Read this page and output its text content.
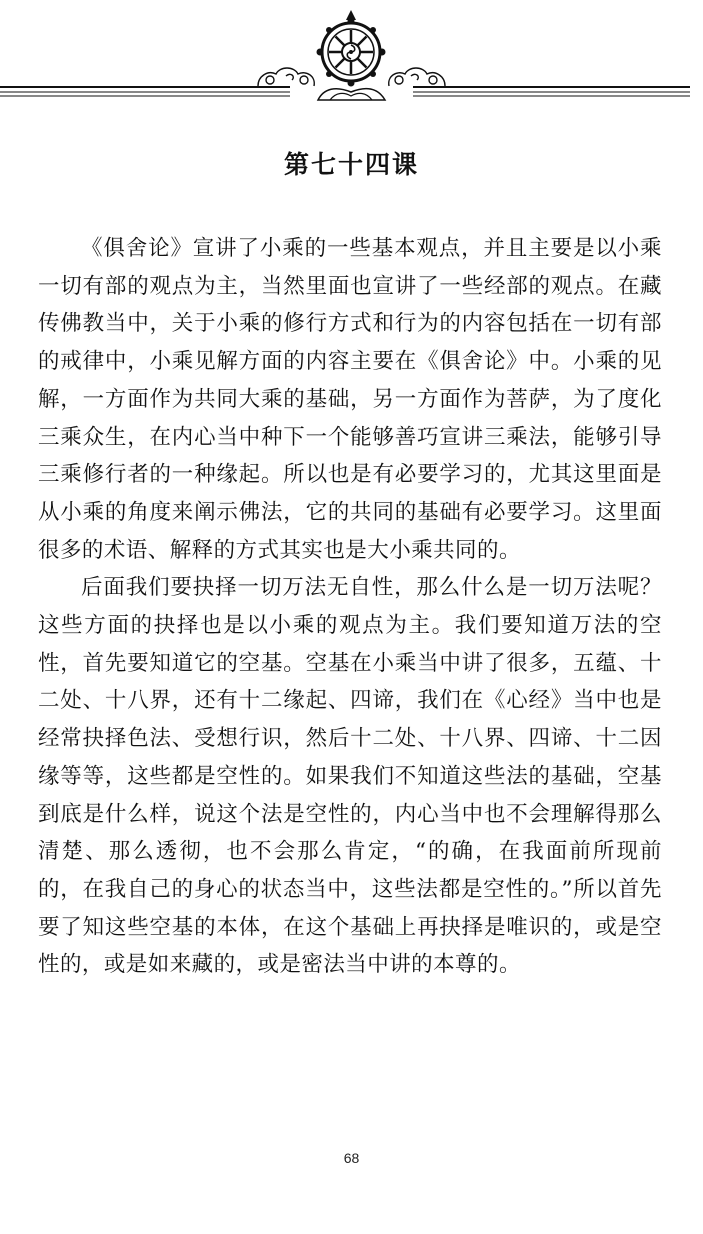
第七十四课

《俱舍论》宣讲了小乘的一些基本观点，并且主要是以小乘一切有部的观点为主，当然里面也宣讲了一些经部的观点。在藏传佛教当中，关于小乘的修行方式和行为的内容包括在一切有部的戒律中，小乘见解方面的内容主要在《俱舍论》中。小乘的见解，一方面作为共同大乘的基础，另一方面作为菩萨，为了度化三乘众生，在内心当中种下一个能够善巧宣讲三乘法，能够引导三乘修行者的一种缘起。所以也是有必要学习的，尤其这里面是从小乘的角度来阐示佛法，它的共同的基础有必要学习。这里面很多的术语、解释的方式其实也是大小乘共同的。

后面我们要抉择一切万法无自性，那么什么是一切万法呢？这些方面的抉择也是以小乘的观点为主。我们要知道万法的空性，首先要知道它的空基。空基在小乘当中讲了很多，五蕴、十二处、十八界，还有十二缘起、四谛，我们在《心经》当中也是经常抉择色法、受想行识，然后十二处、十八界、四谛、十二因缘等等，这些都是空性的。如果我们不知道这些法的基础，空基到底是什么样，说这个法是空性的，内心当中也不会理解得那么清楚、那么透彻，也不会那么肯定，“的确，在我面前所现前的，在我自己的身心的状态当中，这些法都是空性的。”所以首先要了知这些空基的本体，在这个基础上再抉择是唯识的，或是空性的，或是如来藏的，或是密法当中讲的本尊的。

68
